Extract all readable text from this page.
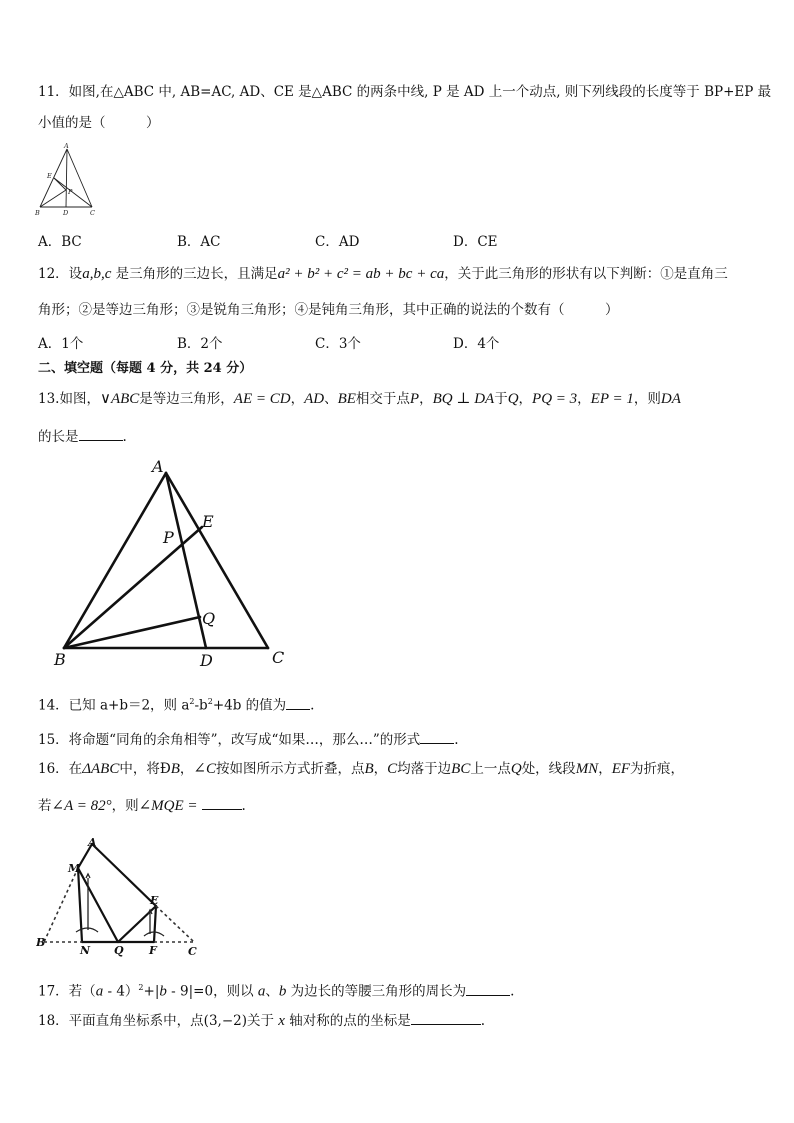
11．如图,在△ABC 中, AB=AC, AD、CE 是△ABC 的两条中线, P 是 AD 上一个动点, 则下列线段的长度等于 BP+EP 最
小值的是（　　　）
A
E
P
B	D	C
A．BC	B．AC	C．AD	D．CE
12．设a,b,c 是三角形的三边长，且满足a² + b² + c² = ab + bc + ca，关于此三角形的形状有以下判断：①是直角三
角形；②是等边三角形；③是锐角三角形；④是钝角三角形，其中正确的说法的个数有（　　　）
A．1个	B．2个	C．3个	D．4个
二、填空题（每题 4 分，共 24 分）
13.如图，∨ABC是等边三角形，AE = CD，AD、BE相交于点P，BQ ⊥ DA于Q，PQ = 3，EP = 1，则DA
的长是	.
A
E
P
Q
B	D	C
14．已知 a+b＝2，则 $a^2-b^2+4b$ 的值为 .
15．将命题“同角的余角相等”，改写成“如果…，那么…”的形式	.
16．在ΔABC中，将ÐB，∠C按如图所示方式折叠，点B，C均落于边BC上一点Q处，线段MN，EF为折痕，
若∠A = 82°，则∠MQE =	.
A
M
E
B
N Q F	C
17．若（a - 4）$^2$+|b - 9|=0，则以 a、b 为边长的等腰三角形的周长为	.
18．平面直角坐标系中，点(3,−2)关于 x 轴对称的点的坐标是	.
